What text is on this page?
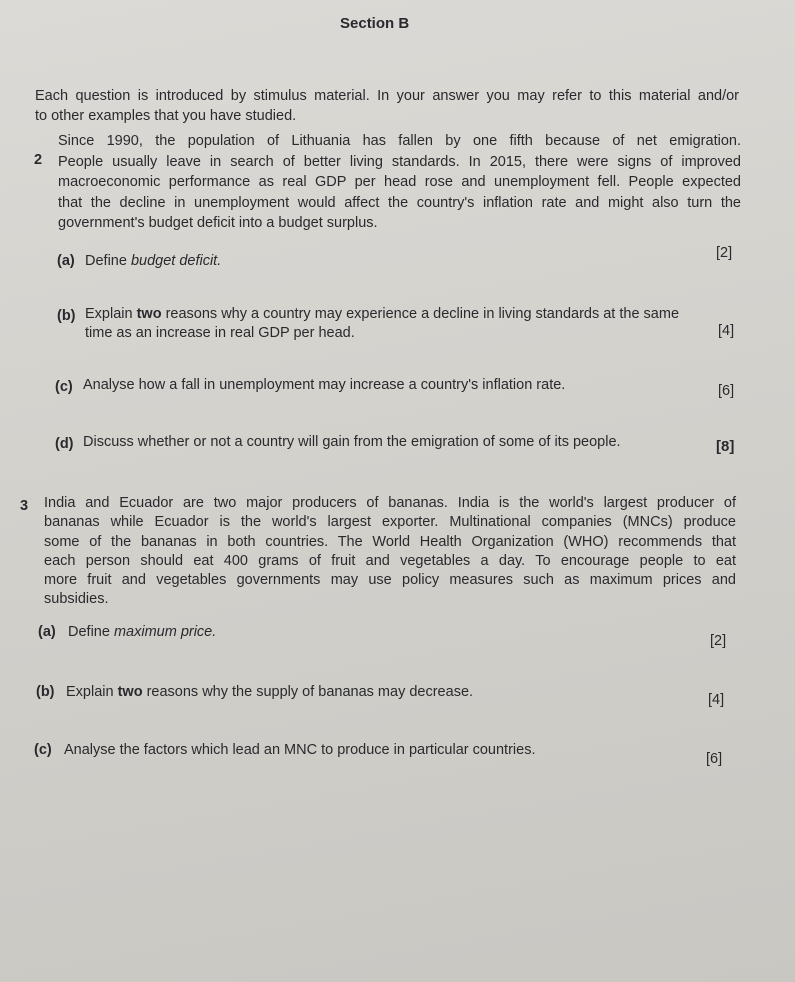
Section B
Each question is introduced by stimulus material. In your answer you may refer to this material and/or
to other examples that you have studied.
2
Since 1990, the population of Lithuania has fallen by one fifth because of net emigration.
People usually leave in search of better living standards. In 2015, there were signs of improved
macroeconomic performance as real GDP per head rose and unemployment fell. People expected
that the decline in unemployment would affect the country's inflation rate and might also turn the
government's budget deficit into a budget surplus.
(a) Define budget deficit.	[2]
(b) Explain two reasons why a country may experience a decline in living standards at the same
time as an increase in real GDP per head.	[4]
(c) Analyse how a fall in unemployment may increase a country's inflation rate.	[6]
(d) Discuss whether or not a country will gain from the emigration of some of its people.	[8]
3 India and Ecuador are two major producers of bananas. India is the world's largest producer of
bananas while Ecuador is the world's largest exporter. Multinational companies (MNCs) produce
some of the bananas in both countries. The World Health Organization (WHO) recommends that
each person should eat 400 grams of fruit and vegetables a day. To encourage people to eat
more fruit and vegetables governments may use policy measures such as maximum prices and
subsidies.
(a) Define maximum price.
[2]
(b) Explain two reasons why the supply of bananas may decrease.	[4]
(c) Analyse the factors which lead an MNC to produce in particular countries.
[6]
